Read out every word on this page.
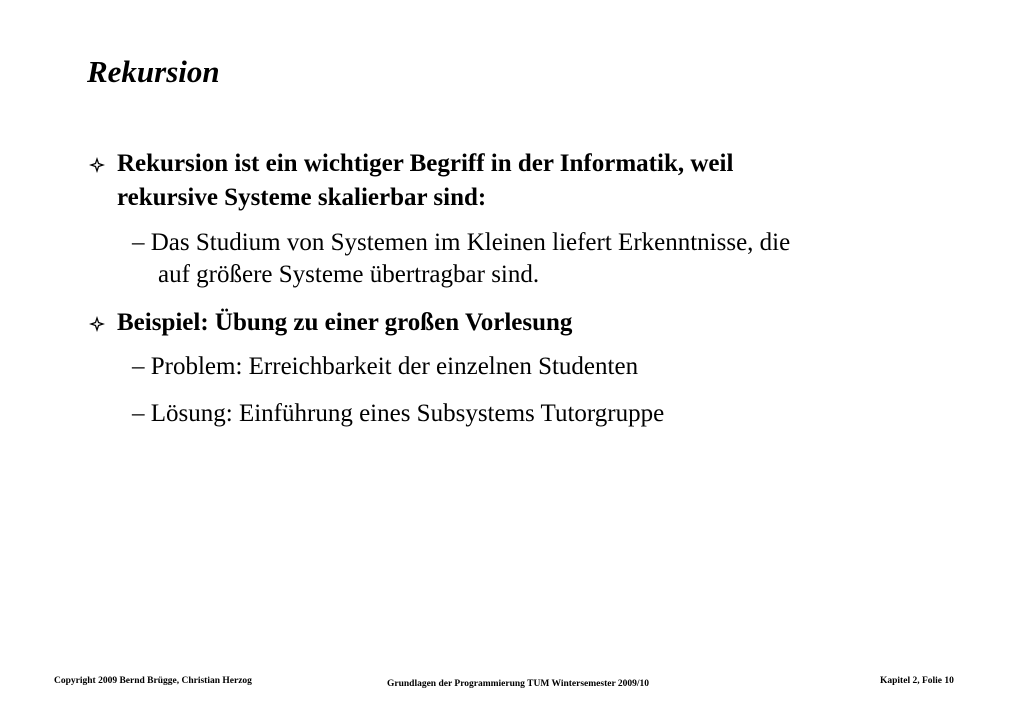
Rekursion

Rekursion ist ein wichtiger Begriff in der Informatik, weil

rekursive Systeme skalierbar sind:

– Das Studium von Systemen im Kleinen liefert Erkenntnisse, die

auf größere Systeme übertragbar sind.

Beispiel: Übung zu einer großen Vorlesung

– Problem: Erreichbarkeit der einzelnen Studenten

– Lösung: Einführung eines Subsystems Tutorgruppe

Copyright 2009 Bernd Brügge, Christian Herzog	Grundlagen der Programmierung TUM Wintersemester 2009/10	Kapitel 2, Folie 10
